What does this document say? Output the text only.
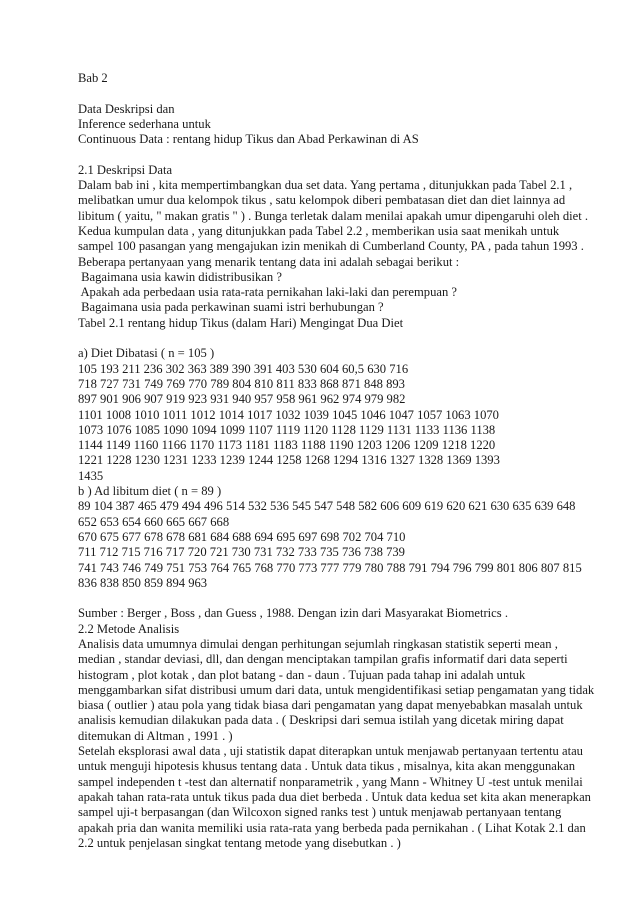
Bab 2
Data Deskripsi dan
Inference sederhana untuk
Continuous Data : rentang hidup Tikus dan Abad Perkawinan di AS
2.1 Deskripsi Data
Dalam bab ini , kita mempertimbangkan dua set data. Yang pertama , ditunjukkan pada Tabel 2.1 ,
melibatkan umur dua kelompok tikus , satu kelompok diberi pembatasan diet dan diet lainnya ad
libitum ( yaitu, " makan gratis " ) . Bunga terletak dalam menilai apakah umur dipengaruhi oleh diet .
Kedua kumpulan data , yang ditunjukkan pada Tabel 2.2 , memberikan usia saat menikah untuk
sampel 100 pasangan yang mengajukan izin menikah di Cumberland County, PA , pada tahun 1993 .
Beberapa pertanyaan yang menarik tentang data ini adalah sebagai berikut :
Bagaimana usia kawin didistribusikan ?
Apakah ada perbedaan usia rata-rata pernikahan laki-laki dan perempuan ?
Bagaimana usia pada perkawinan suami istri berhubungan ?
Tabel 2.1 rentang hidup Tikus (dalam Hari) Mengingat Dua Diet
a) Diet Dibatasi ( n = 105 )
105 193 211 236 302 363 389 390 391 403 530 604 60,5 630 716
718 727 731 749 769 770 789 804 810 811 833 868 871 848 893
897 901 906 907 919 923 931 940 957 958 961 962 974 979 982
1101 1008 1010 1011 1012 1014 1017 1032 1039 1045 1046 1047 1057 1063 1070
1073 1076 1085 1090 1094 1099 1107 1119 1120 1128 1129 1131 1133 1136 1138
1144 1149 1160 1166 1170 1173 1181 1183 1188 1190 1203 1206 1209 1218 1220
1221 1228 1230 1231 1233 1239 1244 1258 1268 1294 1316 1327 1328 1369 1393
1435
b ) Ad libitum diet ( n = 89 )
89 104 387 465 479 494 496 514 532 536 545 547 548 582 606 609 619 620 621 630 635 639 648
652 653 654 660 665 667 668
670 675 677 678 678 681 684 688 694 695 697 698 702 704 710
711 712 715 716 717 720 721 730 731 732 733 735 736 738 739
741 743 746 749 751 753 764 765 768 770 773 777 779 780 788 791 794 796 799 801 806 807 815
836 838 850 859 894 963
Sumber : Berger , Boss , dan Guess , 1988. Dengan izin dari Masyarakat Biometrics .
2.2 Metode Analisis
Analisis data umumnya dimulai dengan perhitungan sejumlah ringkasan statistik seperti mean ,
median , standar deviasi, dll, dan dengan menciptakan tampilan grafis informatif dari data seperti
histogram , plot kotak , dan plot batang - dan - daun . Tujuan pada tahap ini adalah untuk
menggambarkan sifat distribusi umum dari data, untuk mengidentifikasi setiap pengamatan yang tidak
biasa ( outlier ) atau pola yang tidak biasa dari pengamatan yang dapat menyebabkan masalah untuk
analisis kemudian dilakukan pada data . ( Deskripsi dari semua istilah yang dicetak miring dapat
ditemukan di Altman , 1991 . )
Setelah eksplorasi awal data , uji statistik dapat diterapkan untuk menjawab pertanyaan tertentu atau
untuk menguji hipotesis khusus tentang data . Untuk data tikus , misalnya, kita akan menggunakan
sampel independen t -test dan alternatif nonparametrik , yang Mann - Whitney U -test untuk menilai
apakah tahan rata-rata untuk tikus pada dua diet berbeda . Untuk data kedua set kita akan menerapkan
sampel uji-t berpasangan (dan Wilcoxon signed ranks test ) untuk menjawab pertanyaan tentang
apakah pria dan wanita memiliki usia rata-rata yang berbeda pada pernikahan . ( Lihat Kotak 2.1 dan
2.2 untuk penjelasan singkat tentang metode yang disebutkan . )
